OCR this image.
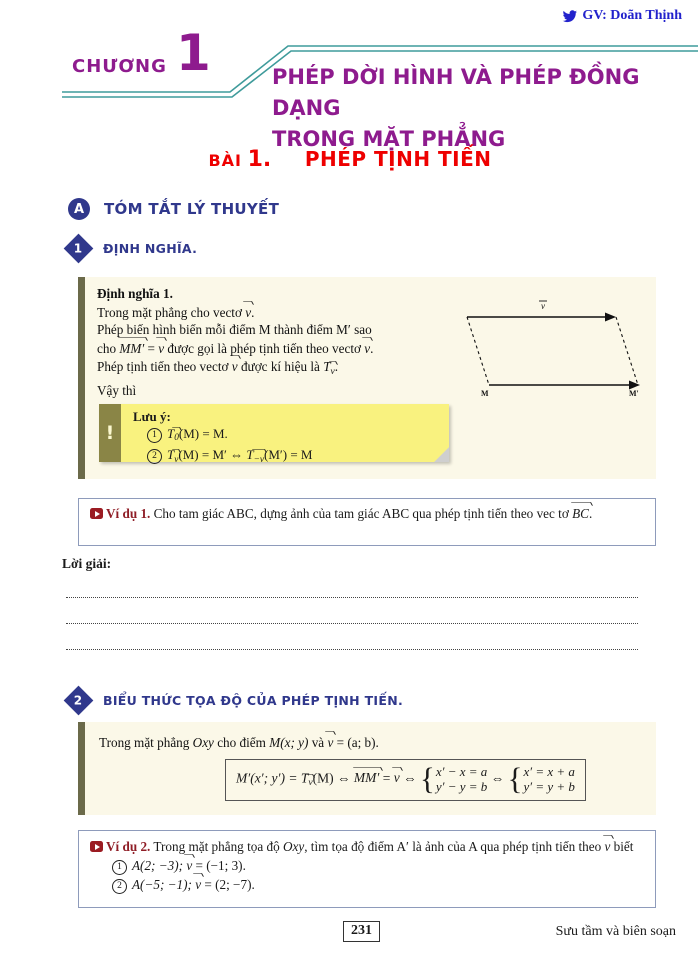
GV: Doãn Thịnh
CHƯƠNG 1	PHÉP DỜI HÌNH VÀ PHÉP ĐỒNG DẠNG
TRONG MẶT PHẲNG
BÀI 1. PHÉP TỊNH TIẾN
A	TÓM TẮT LÝ THUYẾT
1 ĐỊNH NGHĨA.
Định nghĩa 1.
Trong mặt phẳng cho vectơ v.
Phép biến hình biến mỗi điểm M thành điểm M′ sao
cho MM′ = v được gọi là phép tịnh tiến theo vectơ v.
Phép tịnh tiến theo vectơ v được kí hiệu là Tv.
Vậy thì
v
M	M'
!
Lưu ý:
1 T0(M) = M.
2 Tv(M) = M′ ⇔ T−v(M′) = M
Ví dụ 1. Cho tam giác ABC, dựng ảnh của tam giác ABC qua phép tịnh tiến theo vec tơ BC.
Lời giải:
2 BIỂU THỨC TỌA ĐỘ CỦA PHÉP TỊNH TIẾN.
Trong mặt phẳng Oxy cho điểm M(x; y) và v = (a; b).
M′(x′; y′) = Tv(M) ⇔ MM′ = v ⇔ { x′ − x = a
y′ − y = b
⇔ { x′ = x + a
y′ = y + b
Ví dụ 2. Trong mặt phẳng tọa độ Oxy, tìm tọa độ điểm A′ là ảnh của A qua phép tịnh tiến theo v biết
1 A(2; −3); v = (−1; 3).
2 A(−5; −1); v = (2; −7).
231	Sưu tầm và biên soạn
